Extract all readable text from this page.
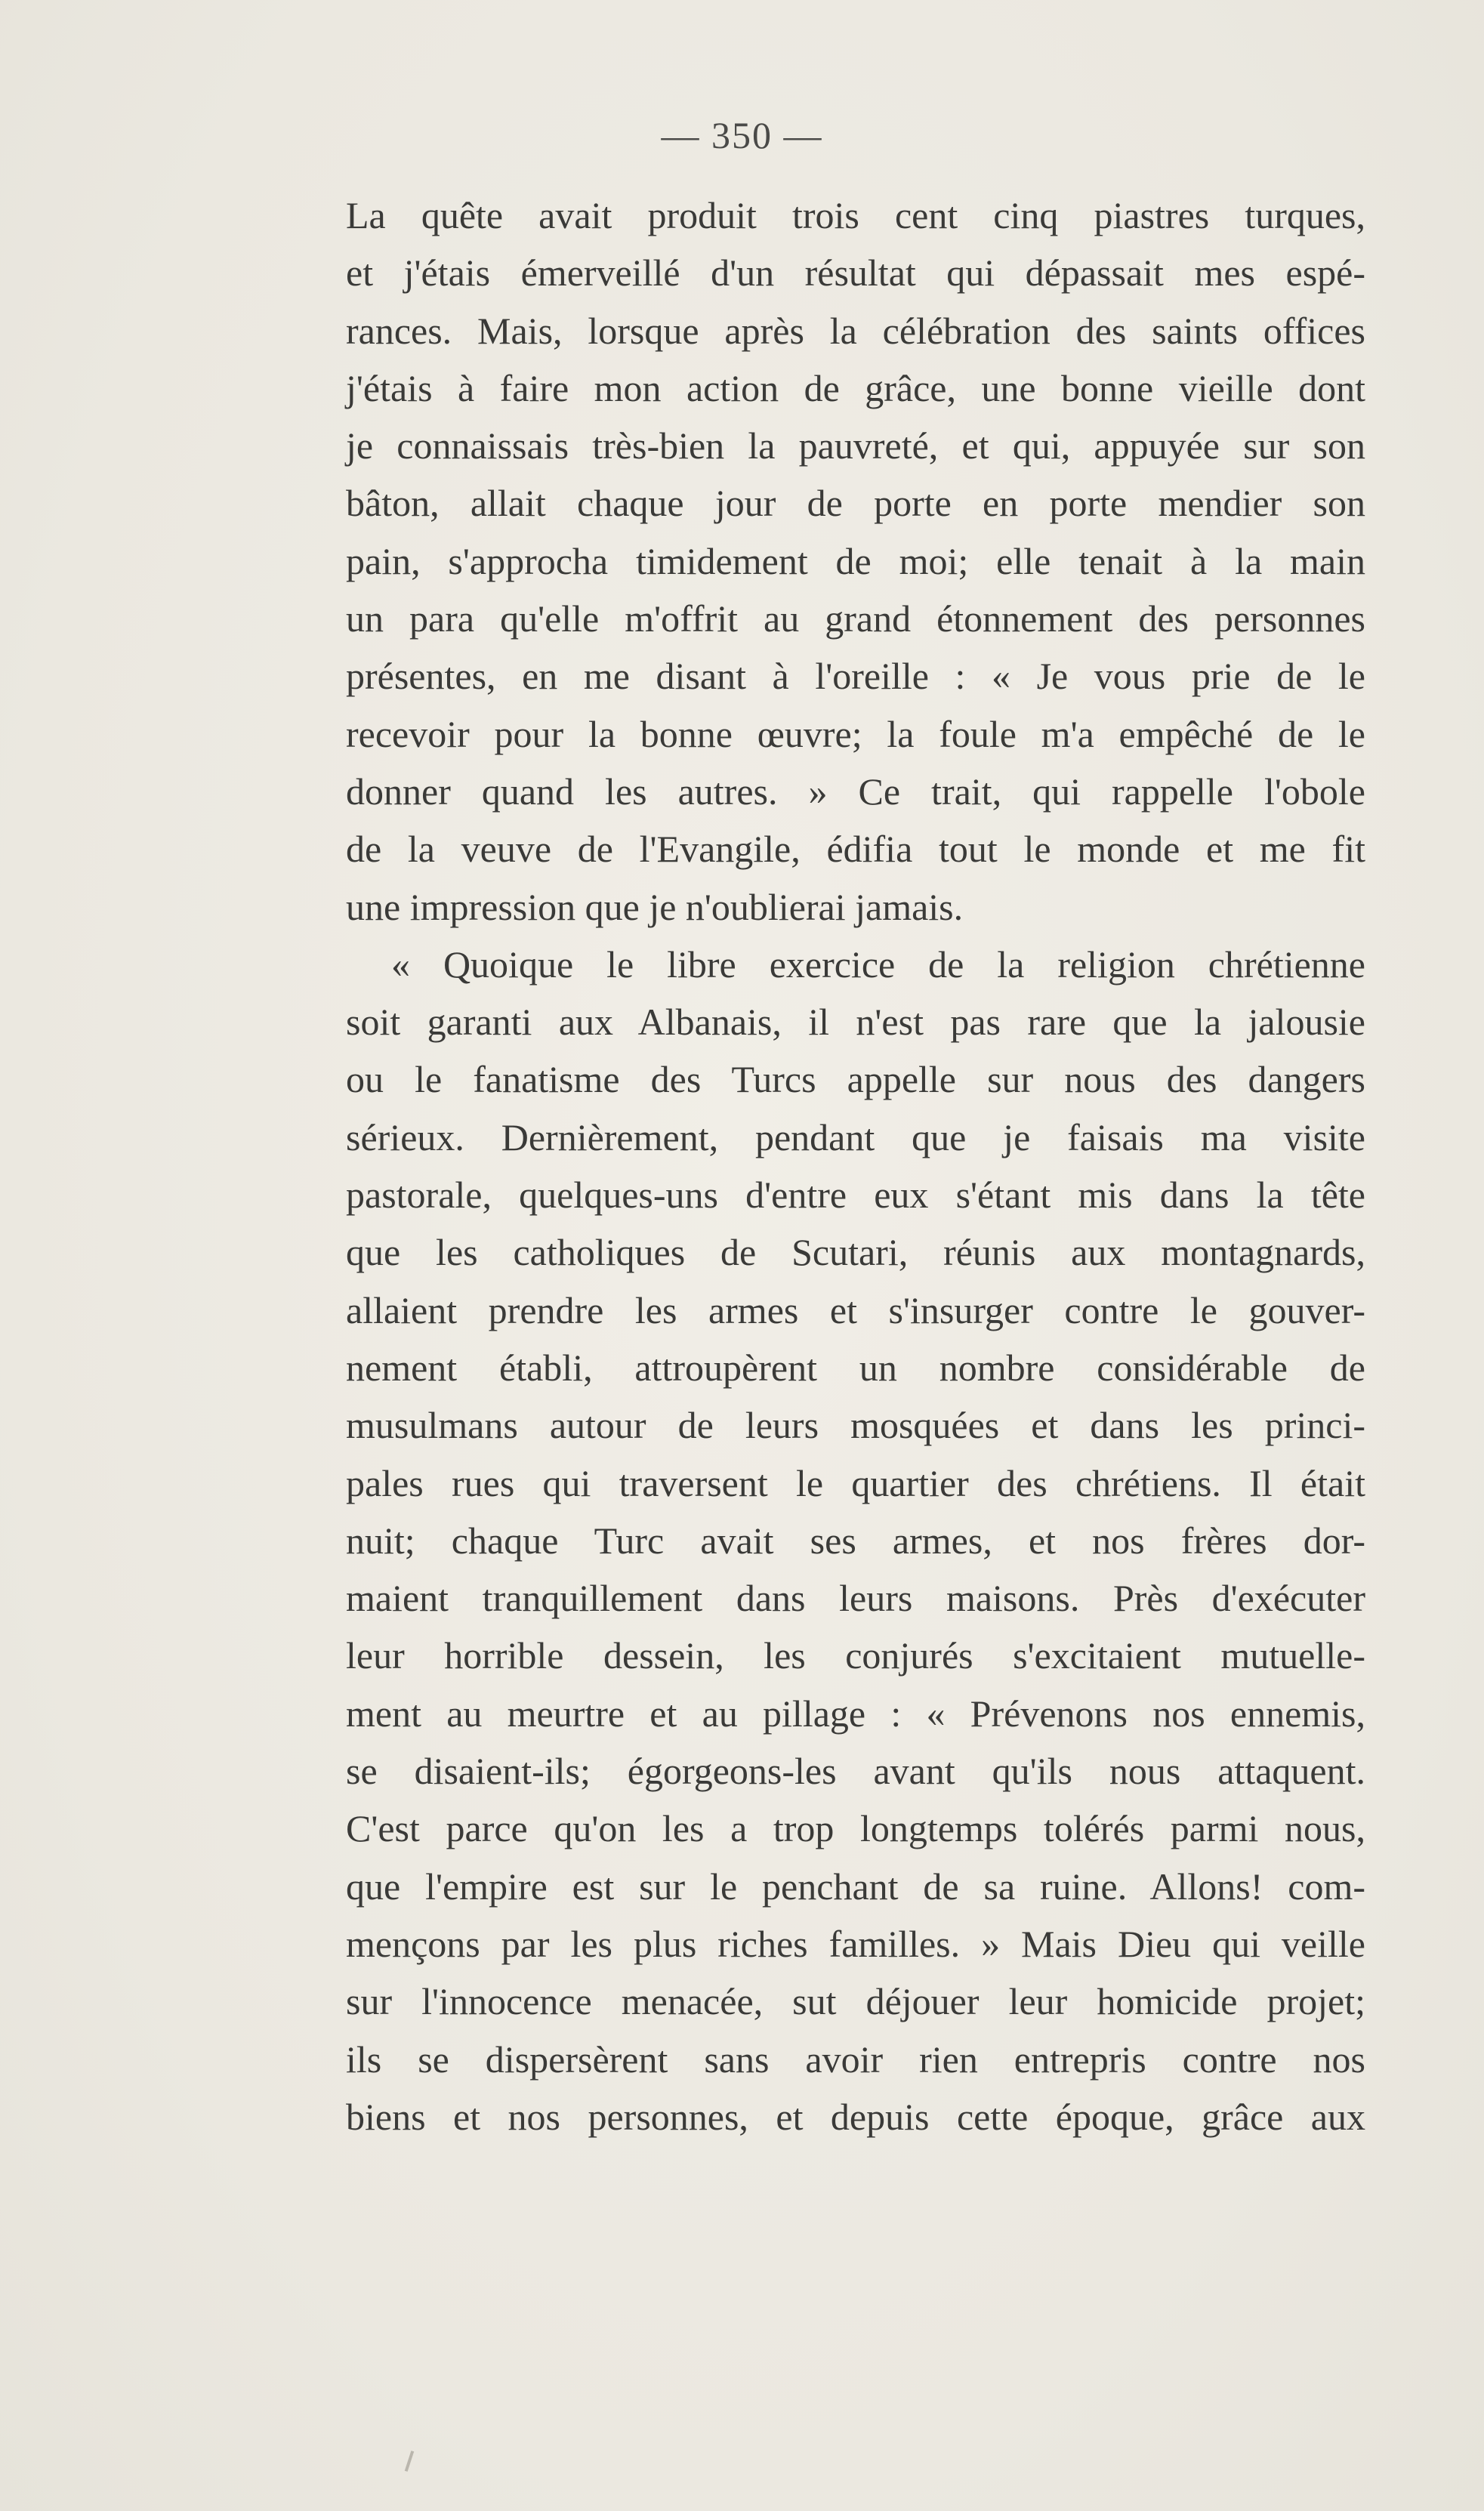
— 350 —
La quête avait produit trois cent cinq piastres turques,
et j'étais émerveillé d'un résultat qui dépassait mes espé-
rances. Mais, lorsque après la célébration des saints offices
j'étais à faire mon action de grâce, une bonne vieille dont
je connaissais très-bien la pauvreté, et qui, appuyée sur son
bâton, allait chaque jour de porte en porte mendier son
pain, s'approcha timidement de moi; elle tenait à la main
un para qu'elle m'offrit au grand étonnement des personnes
présentes, en me disant à l'oreille : « Je vous prie de le
recevoir pour la bonne œuvre; la foule m'a empêché de le
donner quand les autres. » Ce trait, qui rappelle l'obole
de la veuve de l'Evangile, édifia tout le monde et me fit
une impression que je n'oublierai jamais.
« Quoique le libre exercice de la religion chrétienne
soit garanti aux Albanais, il n'est pas rare que la jalousie
ou le fanatisme des Turcs appelle sur nous des dangers
sérieux. Dernièrement, pendant que je faisais ma visite
pastorale, quelques-uns d'entre eux s'étant mis dans la tête
que les catholiques de Scutari, réunis aux montagnards,
allaient prendre les armes et s'insurger contre le gouver-
nement établi, attroupèrent un nombre considérable de
musulmans autour de leurs mosquées et dans les princi-
pales rues qui traversent le quartier des chrétiens. Il était
nuit; chaque Turc avait ses armes, et nos frères dor-
maient tranquillement dans leurs maisons. Près d'exécuter
leur horrible dessein, les conjurés s'excitaient mutuelle-
ment au meurtre et au pillage : « Prévenons nos ennemis,
se disaient-ils; égorgeons-les avant qu'ils nous attaquent.
C'est parce qu'on les a trop longtemps tolérés parmi nous,
que l'empire est sur le penchant de sa ruine. Allons! com-
mençons par les plus riches familles. » Mais Dieu qui veille
sur l'innocence menacée, sut déjouer leur homicide projet;
ils se dispersèrent sans avoir rien entrepris contre nos
biens et nos personnes, et depuis cette époque, grâce aux
